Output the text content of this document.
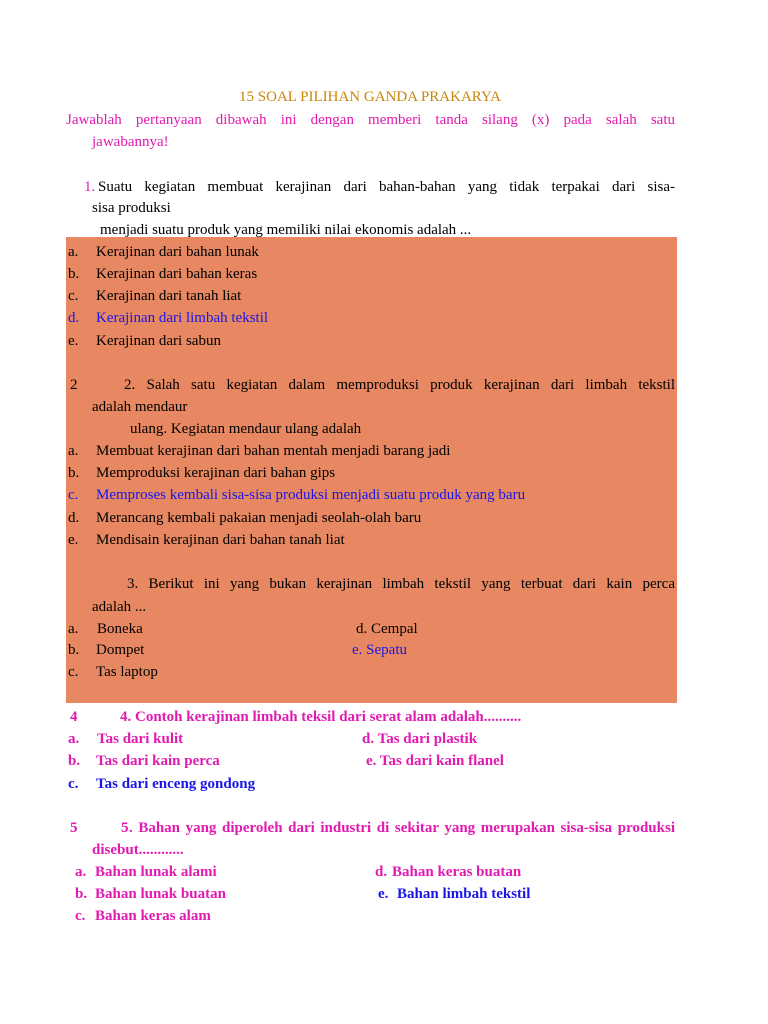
15 SOAL PILIHAN GANDA PRAKARYA
Jawablah pertanyaan dibawah ini dengan memberi tanda silang (x) pada salah satu
jawabannya!
1. Suatu kegiatan membuat kerajinan dari bahan-bahan yang tidak terpakai dari sisa-
sisa produksi
menjadi suatu produk yang memiliki nilai ekonomis adalah ...
a. Kerajinan dari bahan lunak
b. Kerajinan dari bahan keras
c. Kerajinan dari tanah liat
d. Kerajinan dari limbah tekstil
e. Kerajinan dari sabun
2	2. Salah satu kegiatan dalam memproduksi produk kerajinan dari limbah tekstil
adalah mendaur
ulang. Kegiatan mendaur ulang adalah
a. Membuat kerajinan dari bahan mentah menjadi barang jadi
b. Memproduksi kerajinan dari bahan gips
c. Memproses kembali sisa-sisa produksi menjadi suatu produk yang baru
d. Merancang kembali pakaian menjadi seolah-olah baru
e. Mendisain kerajinan dari bahan tanah liat
3. Berikut ini yang bukan kerajinan limbah tekstil yang terbuat dari kain perca
adalah ...
a. Boneka
b. Dompet
c. Tas laptop
d. Cempal
e. Sepatu
4	4. Contoh kerajinan limbah teksil dari serat alam adalah..........
a. Tas dari kulit
b. Tas dari kain perca
c. Tas dari enceng gondong
d. Tas dari plastik
e. Tas dari kain flanel
5	5 . Bahan yang diperoleh dari industri di sekitar yang merupakan sisa-sisa produksi
disebut............
a. Bahan lunak alami
b. Bahan lunak buatan
c. Bahan keras alam
d. Bahan keras buatan
e. Bahan limbah tekstil
